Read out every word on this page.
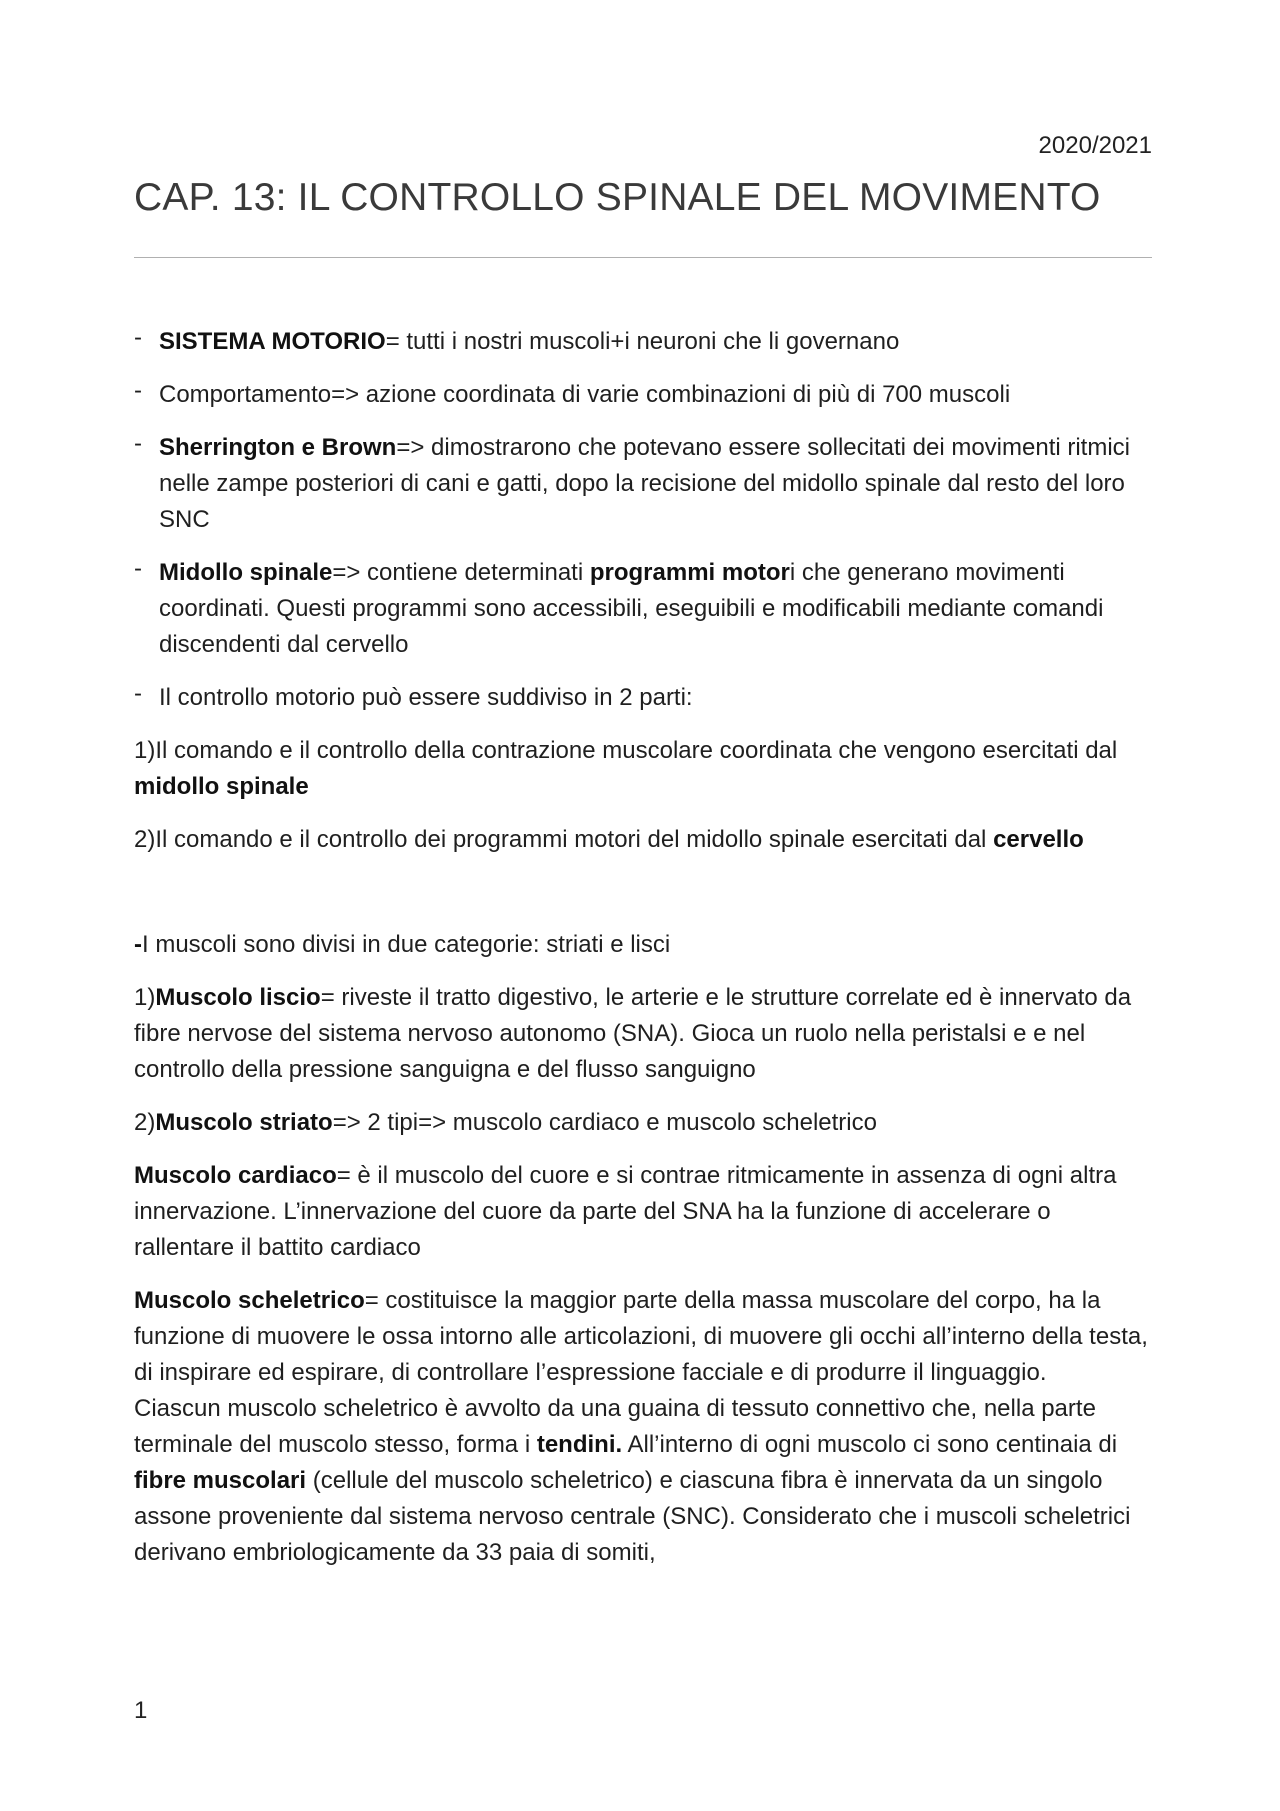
2020/2021
CAP. 13: IL CONTROLLO SPINALE DEL MOVIMENTO
- SISTEMA MOTORIO= tutti i nostri muscoli+i neuroni che li governano
- Comportamento=> azione coordinata di varie combinazioni di più di 700 muscoli
- Sherrington e Brown=> dimostrarono che potevano essere sollecitati dei movimenti ritmici nelle zampe posteriori di cani e gatti, dopo la recisione del midollo spinale dal resto del loro SNC
- Midollo spinale=> contiene determinati programmi motori che generano movimenti coordinati. Questi programmi sono accessibili, eseguibili e modificabili mediante comandi discendenti dal cervello
- Il controllo motorio può essere suddiviso in 2 parti:

1)Il comando e il controllo della contrazione muscolare coordinata che vengono esercitati dal midollo spinale

2)Il comando e il controllo dei programmi motori del midollo spinale esercitati dal cervello

-I muscoli sono divisi in due categorie: striati e lisci

1)Muscolo liscio= riveste il tratto digestivo, le arterie e le strutture correlate ed è innervato da fibre nervose del sistema nervoso autonomo (SNA). Gioca un ruolo nella peristalsi e e nel controllo della pressione sanguigna e del flusso sanguigno

2)Muscolo striato=> 2 tipi=> muscolo cardiaco e muscolo scheletrico

Muscolo cardiaco= è il muscolo del cuore e si contrae ritmicamente in assenza di ogni altra innervazione. L’innervazione del cuore da parte del SNA ha la funzione di accelerare o rallentare il battito cardiaco

Muscolo scheletrico= costituisce la maggior parte della massa muscolare del corpo, ha la funzione di muovere le ossa intorno alle articolazioni, di muovere gli occhi all’interno della testa, di inspirare ed espirare, di controllare l’espressione facciale e di produrre il linguaggio.

Ciascun muscolo scheletrico è avvolto da una guaina di tessuto connettivo che, nella parte terminale del muscolo stesso, forma i tendini. All’interno di ogni muscolo ci sono centinaia di fibre muscolari (cellule del muscolo scheletrico) e ciascuna fibra è innervata da un singolo assone proveniente dal sistema nervoso centrale (SNC). Considerato che i muscoli scheletrici derivano embriologicamente da 33 paia di somiti,

1
